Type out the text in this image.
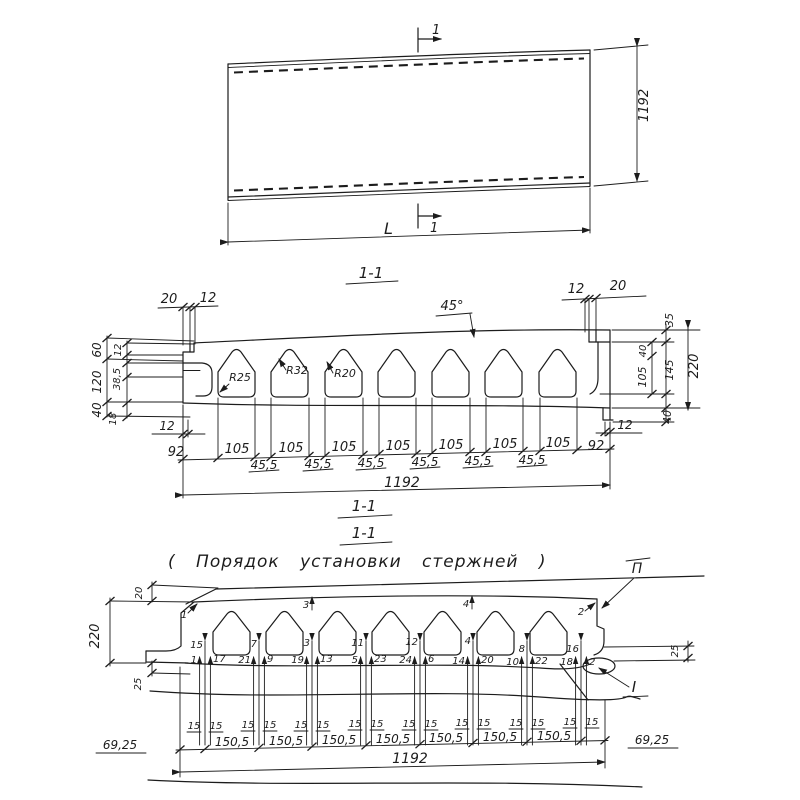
1
1
1192
L
1-1
20 12
12 20
60
120
40
12
38,5
18	12
35
40
105 145 220
40
12
45°
R25
R32 R20
92	105 105 105 105 105 105 105 92
45,5 45,5 45,5 45,5 45,5 45,5
1192
1-1
1-1
( Порядок установки стержней )
20
220
25
25
П
I
1
3	4
2
15	7	3	11	12	4
8	16
1 17 21 9 19 13 5 23 24 6 14 20 10 22 18 2
15 15 15 15 15 15 15 15 15 15 15 15 15 15 15 15
150,5 150,5 150,5 150,5 150,5 150,5 150,5
69,25	69,25
1192
